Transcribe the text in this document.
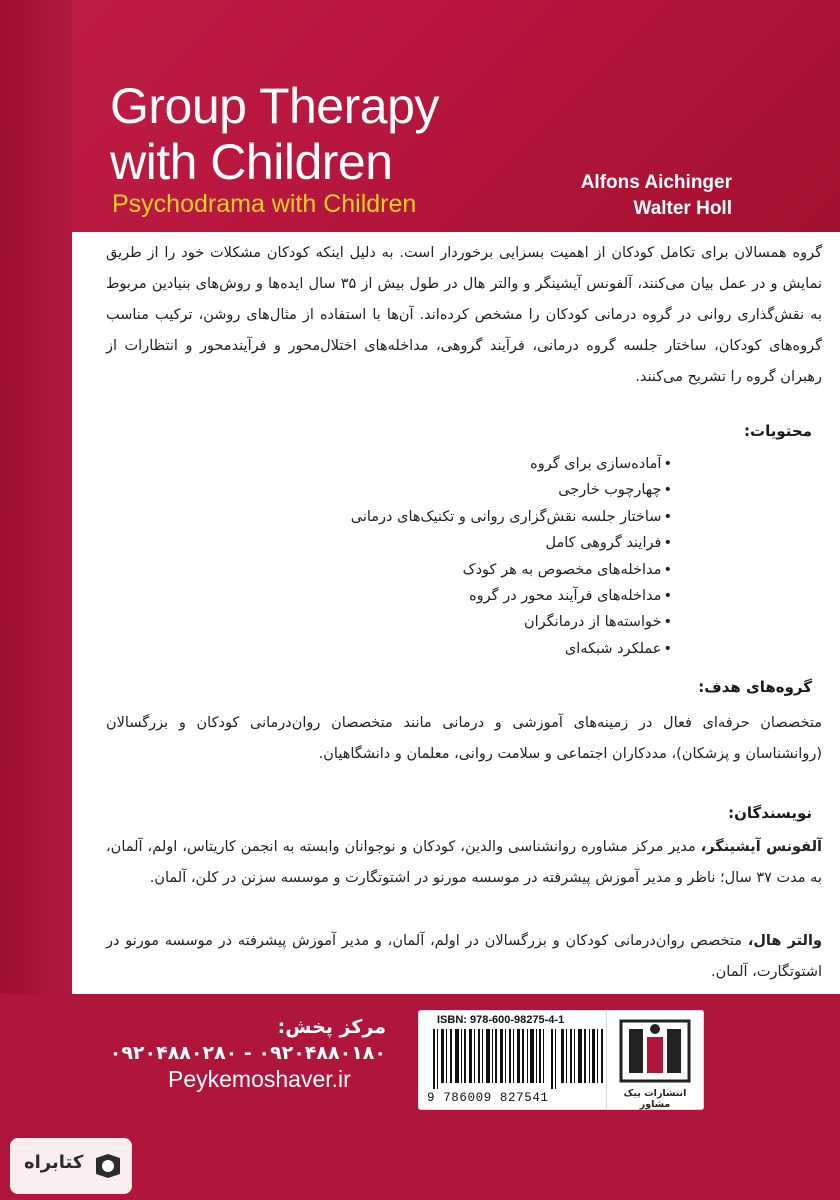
Group Therapy
with Children
Psychodrama with Children
Alfons Aichinger
Walter Holl
گروه همسالان برای تکامل کودکان از اهمیت بسزایی برخوردار است. به دلیل اینکه کودکان مشکلات خود را از طریق نمایش و در عمل بیان می‌کنند، آلفونس آیشینگر و والتر هال در طول بیش از ۳۵ سال ایده‌ها و روش‌های بنیادین مربوط به نقش‌گذاری روانی در گروه درمانی کودکان را مشخص کرده‌اند. آن‌ها با استفاده از مثال‌های روشن، ترکیب مناسب گروه‌های کودکان، ساختار جلسه گروه درمانی، فرآیند گروهی، مداخله‌های اختلال‌محور و فرآیندمحور و انتظارات از رهبران گروه را تشریح می‌کنند.
محتویات:
• آماده‌سازی برای گروه
• چهارچوب خارجی
• ساختار جلسه نقش‌گزاری روانی و تکنیک‌های درمانی
• فرایند گروهی کامل
• مداخله‌های مخصوص به هر کودک
• مداخله‌های فرآیند محور در گروه
• خواسته‌ها از درمانگران
• عملکرد شبکه‌ای
گروه‌های هدف:
متخصصان حرفه‌ای فعال در زمینه‌های آموزشی و درمانی مانند متخصصان روان‌درمانی کودکان و بزرگسالان (روانشناسان و پزشکان)، مددکاران اجتماعی و سلامت روانی، معلمان و دانشگاهیان.
نویسندگان:
آلفونس آیشینگر، مدیر مرکز مشاوره روانشناسی والدین، کودکان و نوجوانان وابسته به انجمن کاریتاس، اولم، آلمان، به مدت ۳۷ سال؛ ناظر و مدیر آموزش پیشرفته در موسسه مورنو در اشتوتگارت و موسسه سزنن در کلن، آلمان.
والتر هال، متخصص روان‌درمانی کودکان و بزرگسالان در اولم، آلمان، و مدیر آموزش پیشرفته در موسسه مورنو در اشتوتگارت، آلمان.
مرکز پخش:
۰۹۲۰۴۸۸۰۱۸۰ - ۰۹۲۰۴۸۸۰۲۸۰
Peykemoshaver.ir
ISBN: 978-600-98275-4-1
9 786009 827541	انتشارات پیک مشاور
کتابراه
